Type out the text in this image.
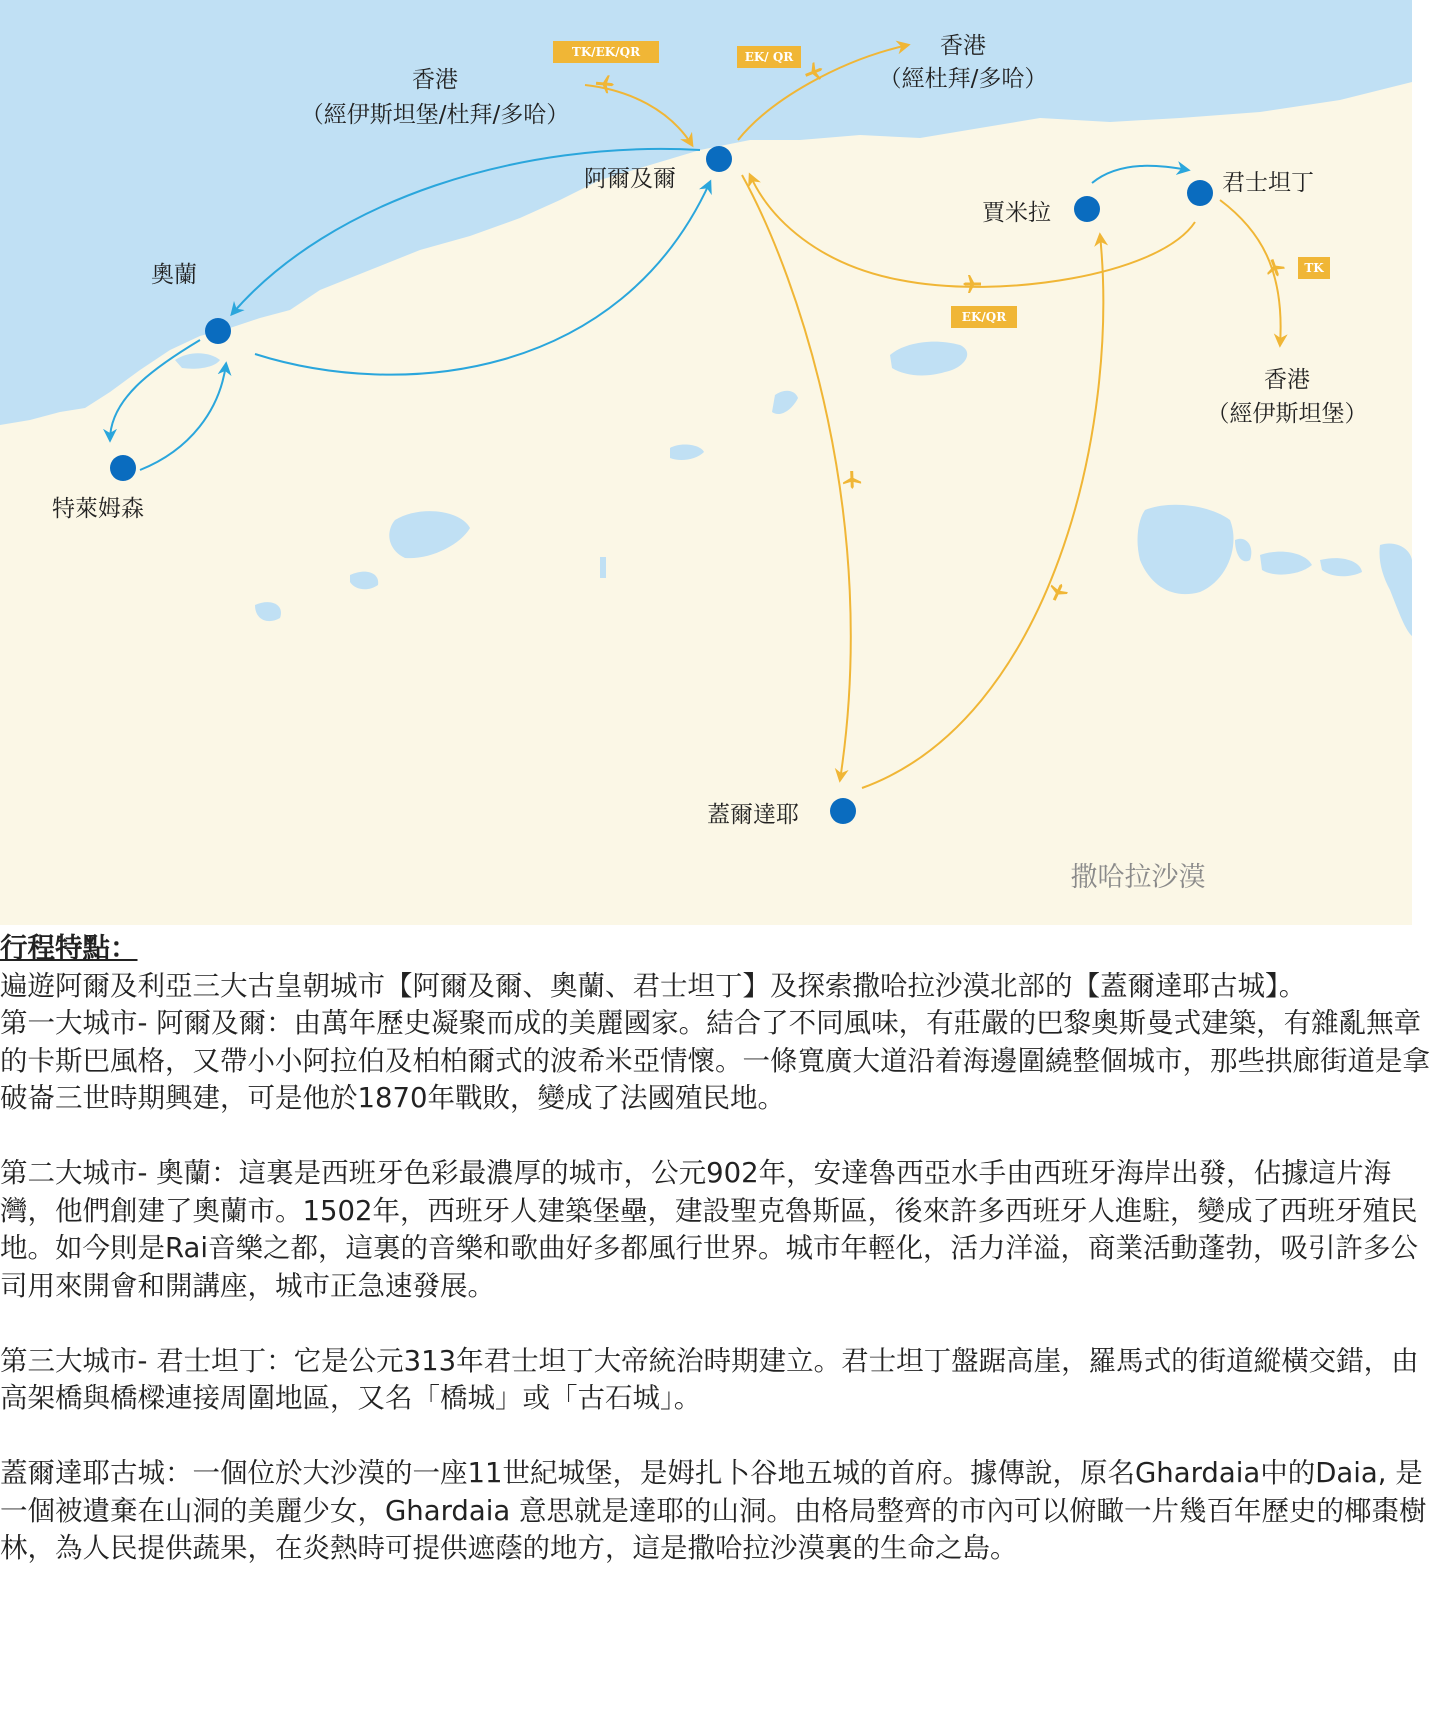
TK/EK/QR	EK/ QR
EK/QR
TK
阿爾及爾
奧蘭
特萊姆森
賈米拉
君士坦丁
蓋爾達耶
香港
（經伊斯坦堡/杜拜/多哈）
香港
（經杜拜/多哈）
香港
（經伊斯坦堡）
撒哈拉沙漠

行程特點：

遍遊阿爾及利亞三大古皇朝城市【阿爾及爾、奧蘭、君士坦丁】及探索撒哈拉沙漠北部的【蓋爾達耶古城】。

第一大城市- 阿爾及爾：由萬年歷史凝聚而成的美麗國家。結合了不同風味，有莊嚴的巴黎奧斯曼式建築，有雜亂無章的卡斯巴風格，又帶小小阿拉伯及柏柏爾式的波希米亞情懷。一條寬廣大道沿着海邊圍繞整個城市，那些拱廊街道是拿破崙三世時期興建，可是他於1870年戰敗，變成了法國殖民地。

第二大城市- 奧蘭：這裏是西班牙色彩最濃厚的城市，公元902年，安達魯西亞水手由西班牙海岸出發，佔據這片海灣，他們創建了奧蘭市。1502年，西班牙人建築堡壘，建設聖克魯斯區，後來許多西班牙人進駐，變成了西班牙殖民地。如今則是Rai音樂之都，這裏的音樂和歌曲好多都風行世界。城市年輕化，活力洋溢，商業活動蓬勃，吸引許多公司用來開會和開講座，城市正急速發展。

第三大城市- 君士坦丁：它是公元313年君士坦丁大帝統治時期建立。君士坦丁盤踞高崖，羅馬式的街道縱橫交錯，由高架橋與橋樑連接周圍地區，又名「橋城」或「古石城」。

蓋爾達耶古城：一個位於大沙漠的一座11世紀城堡，是姆扎卜谷地五城的首府。據傳說，原名Ghardaia中的Daia, 是一個被遺棄在山洞的美麗少女，Ghardaia 意思就是達耶的山洞。由格局整齊的市內可以俯瞰一片幾百年歷史的椰棗樹林，為人民提供蔬果，在炎熱時可提供遮蔭的地方，這是撒哈拉沙漠裏的生命之島。
